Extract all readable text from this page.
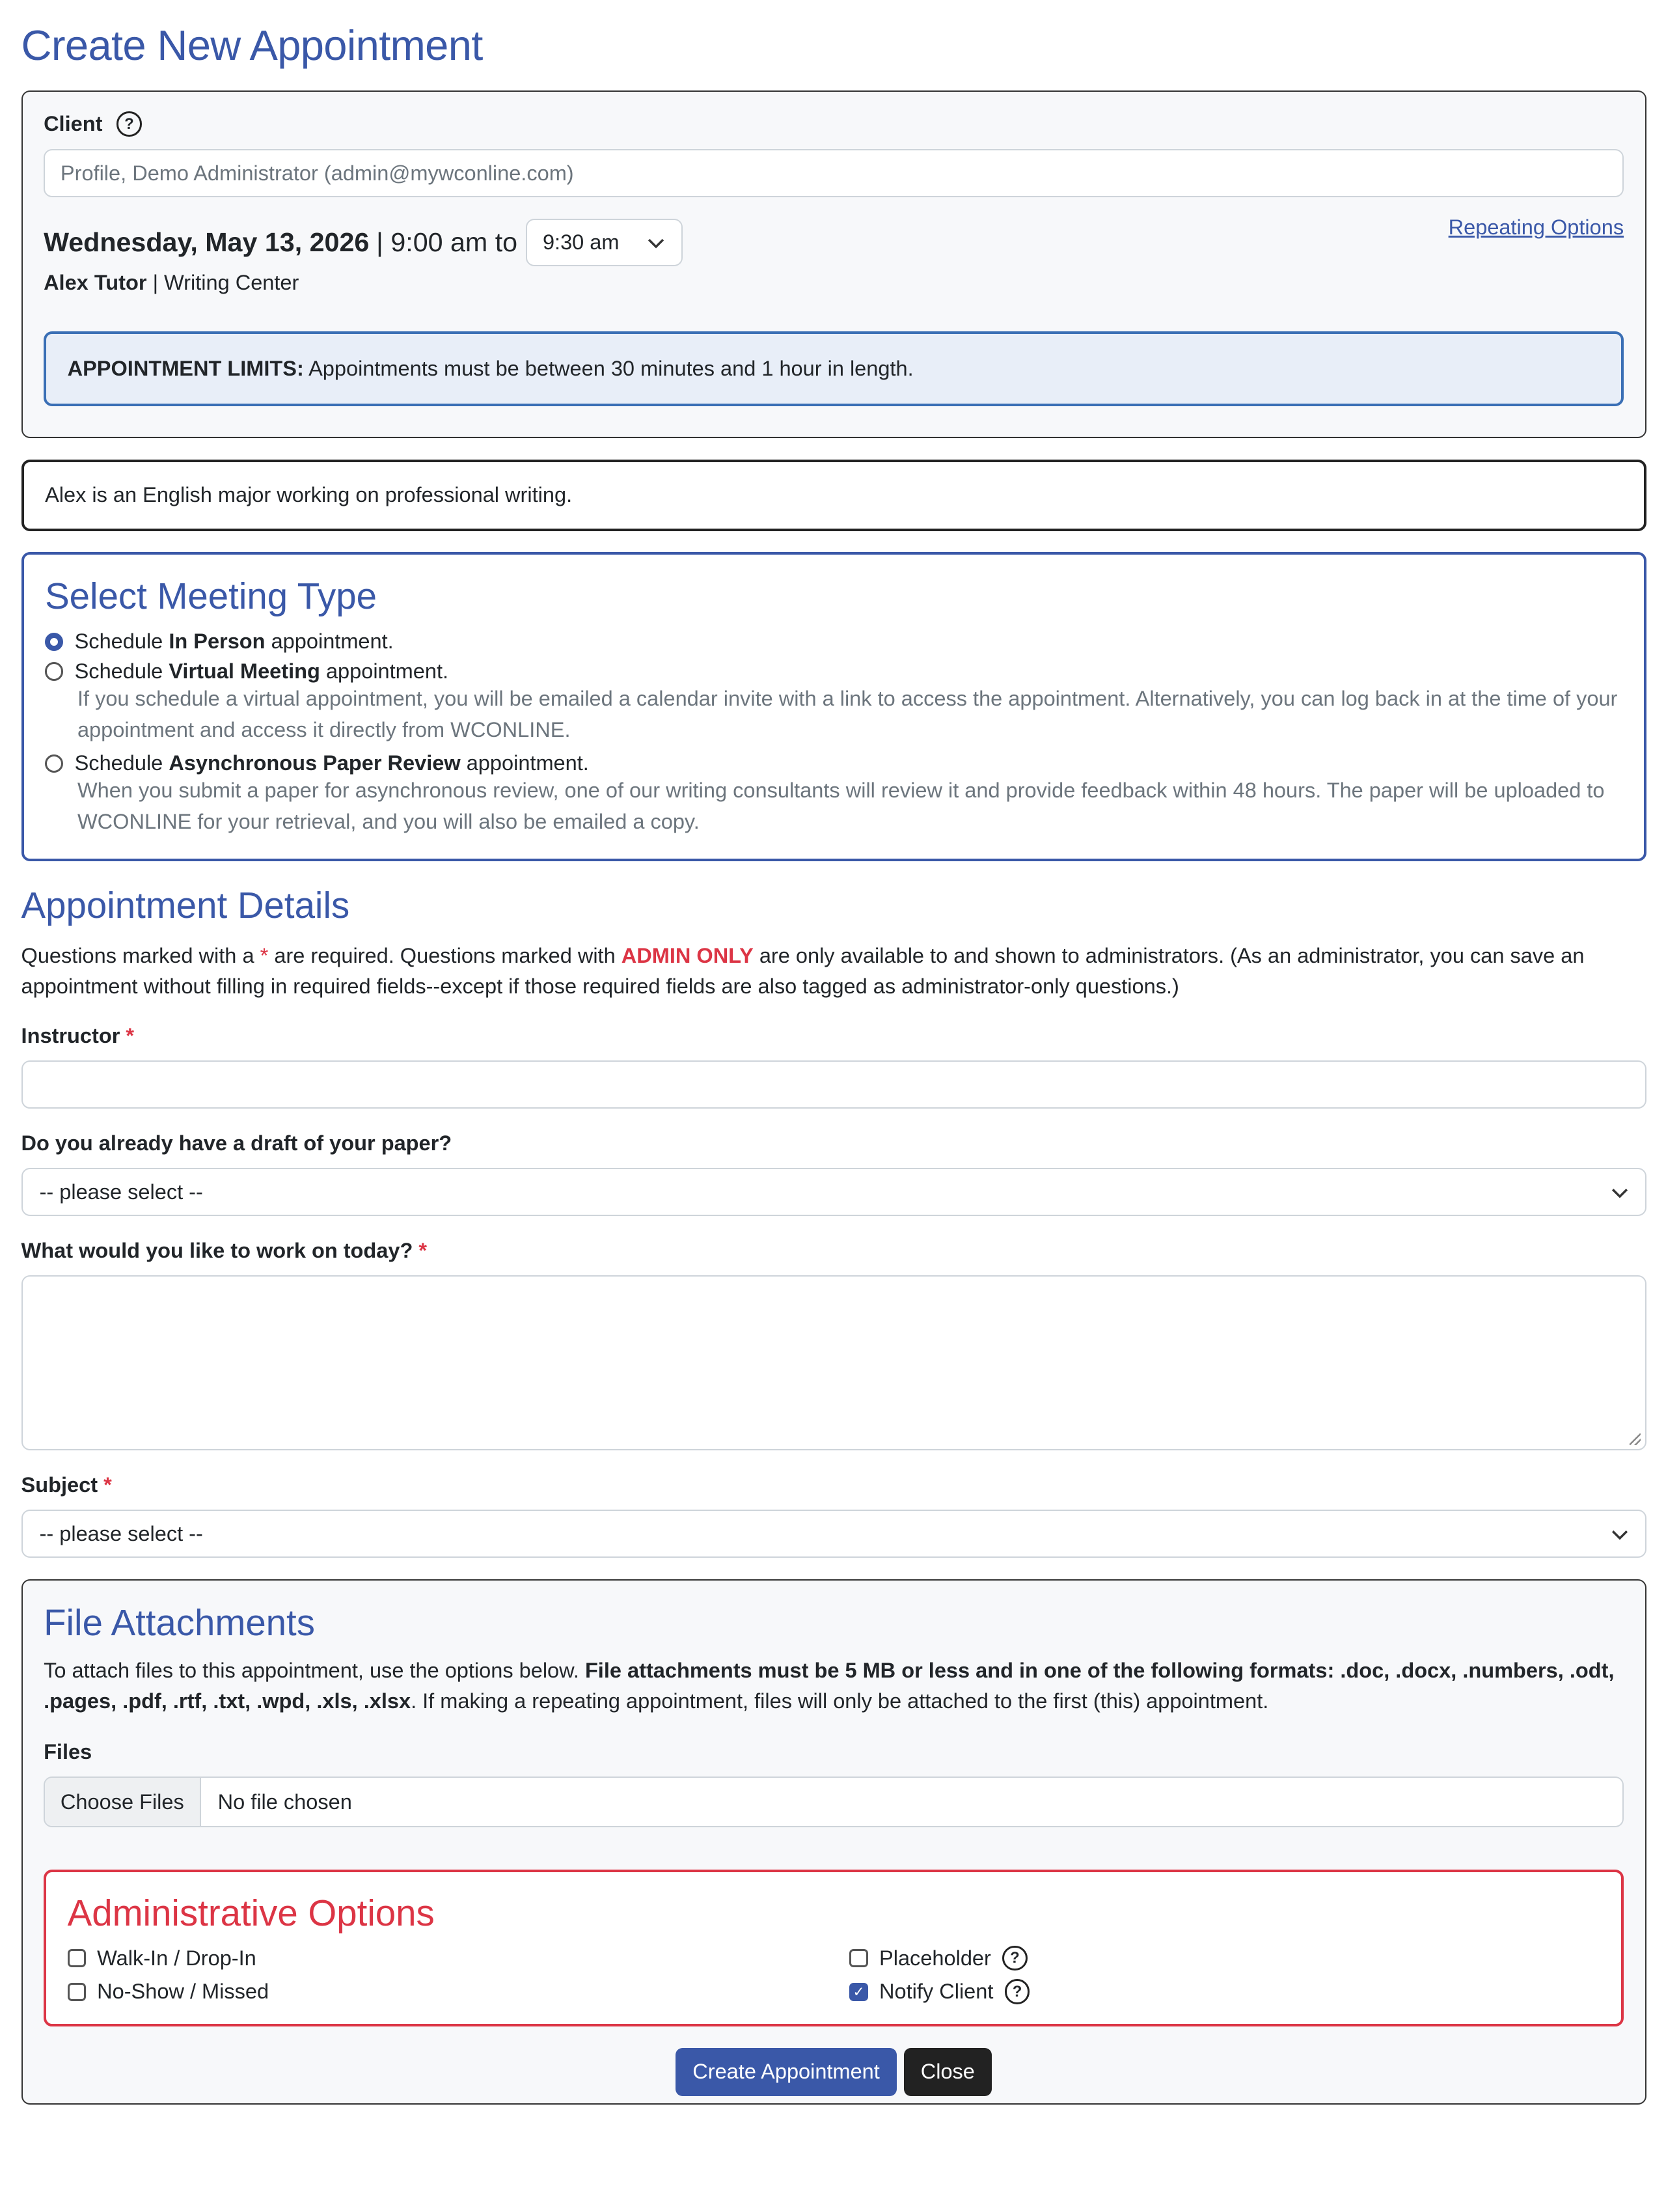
Create New Appointment
Client	?
Profile, Demo Administrator (admin@mywconline.com)
Wednesday, May 13, 2026 | 9:00 am to	9:30 am
Repeating Options
Alex Tutor | Writing Center
APPOINTMENT LIMITS: Appointments must be between 30 minutes and 1 hour in length.
Alex is an English major working on professional writing.
Select Meeting Type
Schedule In Person appointment.
Schedule Virtual Meeting appointment.
If you schedule a virtual appointment, you will be emailed a calendar invite with a link to access the appointment. Alternatively, you can log back in at the time of your appointment and access it directly from WCONLINE.
Schedule Asynchronous Paper Review appointment.
When you submit a paper for asynchronous review, one of our writing consultants will review it and provide feedback within 48 hours. The paper will be uploaded to WCONLINE for your retrieval, and you will also be emailed a copy.
Appointment Details
Questions marked with a * are required. Questions marked with ADMIN ONLY are only available to and shown to administrators. (As an administrator, you can save an appointment without filling in required fields--except if those required fields are also tagged as administrator-only questions.)
Instructor *
Do you already have a draft of your paper?
-- please select --
What would you like to work on today? *
Subject *
-- please select --
File Attachments
To attach files to this appointment, use the options below. File attachments must be 5 MB or less and in one of the following formats: .doc, .docx, .numbers, .odt, .pages, .pdf, .rtf, .txt, .wpd, .xls, .xlsx. If making a repeating appointment, files will only be attached to the first (this) appointment.
Files
Choose Files	No file chosen
Administrative Options
Walk-In / Drop-In	Placeholder	?
No-Show / Missed	✓	Notify Client	?
Create Appointment	Close
